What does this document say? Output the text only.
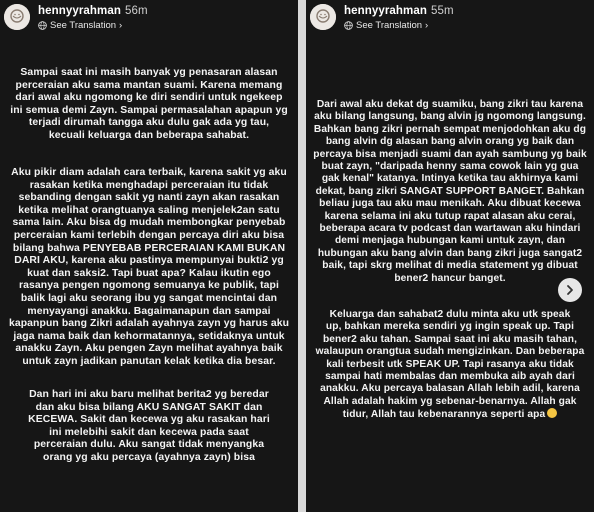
hennyyrahman 56m
See Translation ›
Sampai saat ini masih banyak yg penasaran alasan
perceraian aku sama mantan suami. Karena memang
dari awal aku ngomong ke diri sendiri untuk ngekeep
ini semua demi Zayn. Sampai permasalahan apapun yg
terjadi dirumah tangga aku dulu gak ada yg tau,
kecuali keluarga dan beberapa sahabat.
Aku pikir diam adalah cara terbaik, karena sakit yg aku
rasakan ketika menghadapi perceraian itu tidak
sebanding dengan sakit yg nanti zayn akan rasakan
ketika melihat orangtuanya saling menjelek2an satu
sama lain. Aku bisa dg mudah membongkar penyebab
perceraian kami terlebih dengan percaya diri aku bisa
bilang bahwa PENYEBAB PERCERAIAN KAMI BUKAN
DARI AKU, karena aku pastinya mempunyai bukti2 yg
kuat dan saksi2. Tapi buat apa? Kalau ikutin ego
rasanya pengen ngomong semuanya ke publik, tapi
balik lagi aku seorang ibu yg sangat mencintai dan
menyayangi anakku. Bagaimanapun dan sampai
kapanpun bang Zikri adalah ayahnya zayn yg harus aku
jaga nama baik dan kehormatannya, setidaknya untuk
anakku Zayn. Aku pengen Zayn melihat ayahnya baik
untuk zayn jadikan panutan kelak ketika dia besar.
Dan hari ini aku baru melihat berita2 yg beredar
dan aku bisa bilang AKU SANGAT SAKIT dan
KECEWA. Sakit dan kecewa yg aku rasakan hari
ini melebihi sakit dan kecewa pada saat
perceraian dulu. Aku sangat tidak menyangka
orang yg aku percaya (ayahnya zayn) bisa
hennyyrahman 55m
See Translation ›
Dari awal aku dekat dg suamiku, bang zikri tau karena
aku bilang langsung, bang alvin jg ngomong langsung.
Bahkan bang zikri pernah sempat menjodohkan aku dg
bang alvin dg alasan bang alvin orang yg baik dan
percaya bisa menjadi suami dan ayah sambung yg baik
buat zayn, "daripada henny sama cowok lain yg gua
gak kenal" katanya. Intinya ketika tau akhirnya kami
dekat, bang zikri SANGAT SUPPORT BANGET. Bahkan
beliau juga tau aku mau menikah. Aku dibuat kecewa
karena selama ini aku tutup rapat alasan aku cerai,
beberapa acara tv podcast dan wartawan aku hindari
demi menjaga hubungan kami untuk zayn, dan
hubungan aku bang alvin dan bang zikri juga sangat2
baik, tapi skrg melihat di media statement yg dibuat
bener2 hancur banget.
Keluarga dan sahabat2 dulu minta aku utk speak
up, bahkan mereka sendiri yg ingin speak up. Tapi
bener2 aku tahan. Sampai saat ini aku masih tahan,
walaupun orangtua sudah mengizinkan. Dan beberapa
kali terbesit utk SPEAK UP. Tapi rasanya aku tidak
sampai hati membalas dan membuka aib ayah dari
anakku. Aku percaya balasan Allah lebih adil, karena
Allah adalah hakim yg sebenar-benarnya. Allah gak
tidur, Allah tau kebenarannya seperti apa
